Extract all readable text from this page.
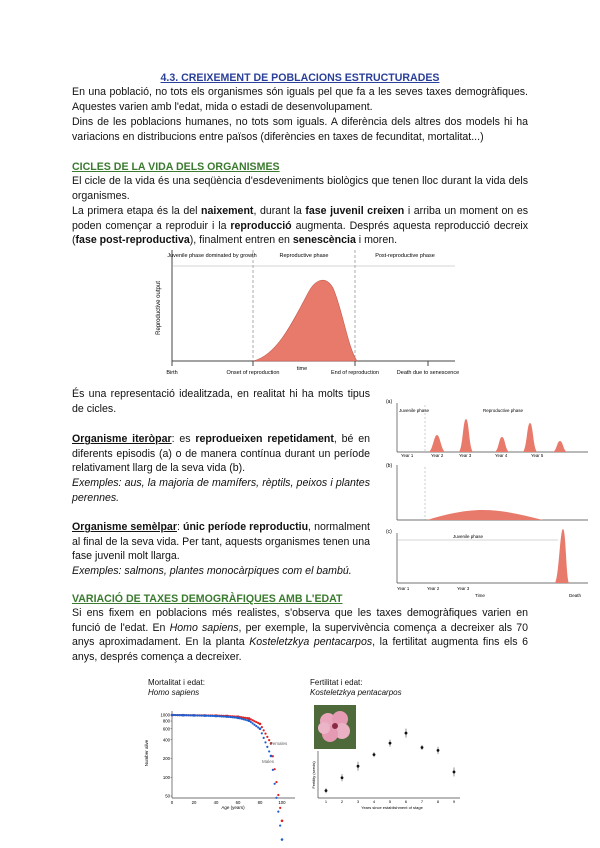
4.3. CREIXEMENT DE POBLACIONS ESTRUCTURADES
En una població, no tots els organismes són iguals pel que fa a les seves taxes demogràfiques. Aquestes varien amb l'edat, mida o estadi de desenvolupament.
Dins de les poblacions humanes, no tots som iguals. A diferència dels altres dos models hi ha variacions en distribucions entre països (diferències en taxes de fecunditat, mortalitat...)
CICLES DE LA VIDA DELS ORGANISMES
El cicle de la vida és una seqüència d'esdeveniments biològics que tenen lloc durant la vida dels organismes.
La primera etapa és la del naixement, durant la fase juvenil creixen i arriba un moment on es poden començar a reproduir i la reproducció augmenta. Després aquesta reproducció decreix (fase post-reproductiva), finalment entren en senescència i moren.
Juvenile phase dominated by growth	Reproductive phase	Post-reproductive phase
Reproductive output
time
Birth	Onset of reproduction	End of reproduction	Death due to senescence
És una representació idealitzada, en realitat hi ha molts tipus de cicles.
Organisme iteròpar: es reprodueixen repetidament, bé en diferents episodis (a) o de manera contínua durant un període relativament llarg de la seva vida (b).
Exemples: aus, la majoria de mamífers, rèptils, peixos i plantes perennes.
Organisme semèlpar: únic període reproductiu, normalment al final de la seva vida. Per tant, aquests organismes tenen una fase juvenil molt llarga.
Exemples: salmons, plantes monocàrpiques com el bambú.
(a)
Juvenile phase	Reproductive phase
Year 1	Year 2	Year 3	Year 4	Year 5
(b)
(c)
Juvenile phase
Year 1	Year 2	Year 3
Time	Death
VARIACIÓ DE TAXES DEMOGRÀFIQUES AMB L'EDAT
Si ens fixem en poblacions més realistes, s'observa que les taxes demogràfiques varien en funció de l'edat. En Homo sapiens, per exemple, la supervivència comença a decreixer als 70 anys aproximadament. En la planta Kosteletzkya pentacarpos, la fertilitat augmenta fins els 6 anys, després comença a decreixer.
Mortalitat i edat:
Homo sapiens
Number alive
1000
800
600
400
200
100
50
0	20	40	60	80	100
Age (years)
Females
Males
Fertilitat i edat:
Kosteletzkya pentacarpos
Fertility (seeds)
1	2	3	4	5	6	7	8	9
Years since establishment of stage
